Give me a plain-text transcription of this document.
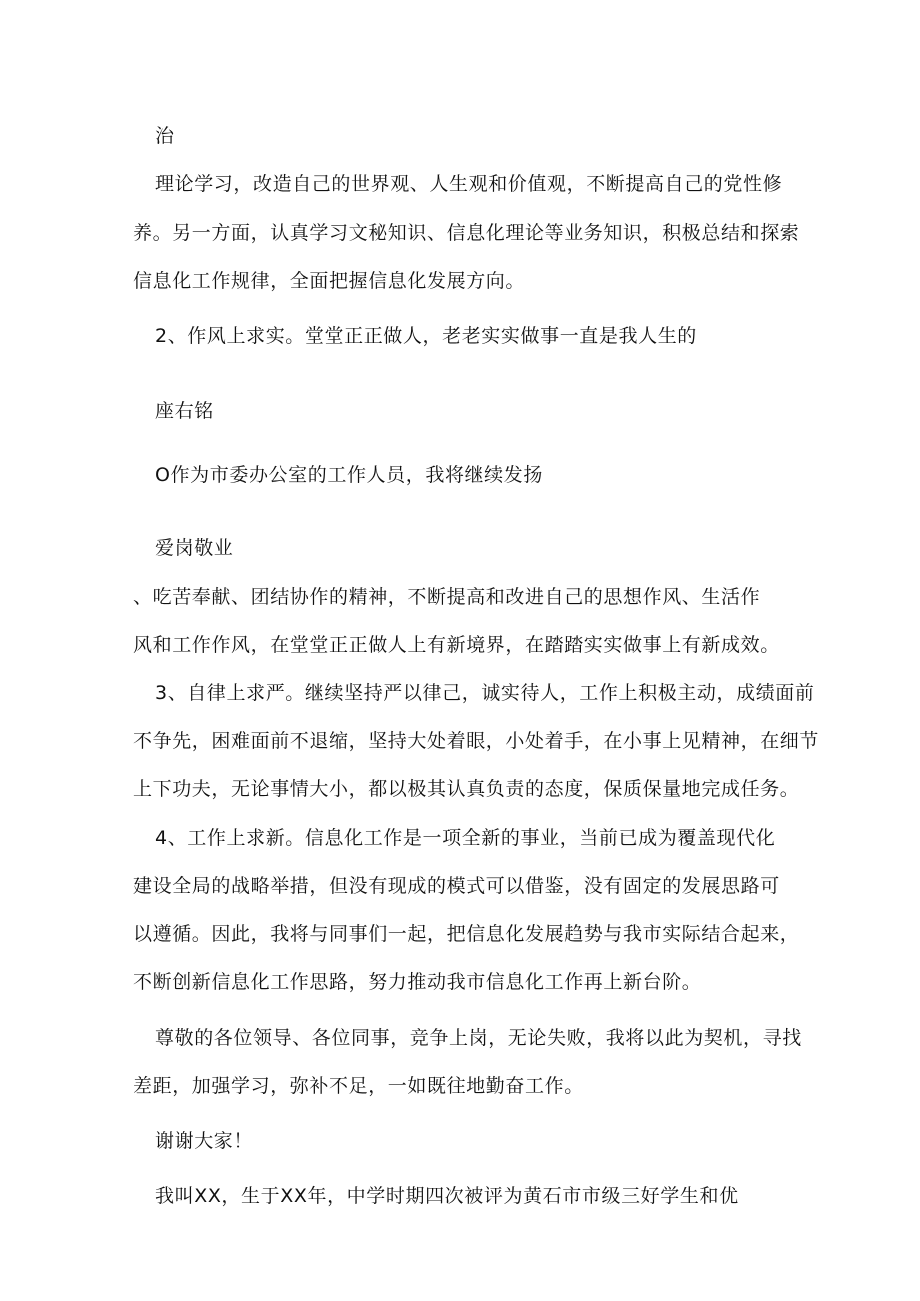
治
理论学习，改造自己的世界观、人生观和价值观，不断提高自己的党性修
养。另一方面，认真学习文秘知识、信息化理论等业务知识，积极总结和探索
信息化工作规律，全面把握信息化发展方向。
2、作风上求实。堂堂正正做人，老老实实做事一直是我人生的
座右铭
O作为市委办公室的工作人员，我将继续发扬
爱岗敬业
、吃苦奉献、团结协作的精神，不断提高和改进自己的思想作风、生活作
风和工作作风，在堂堂正正做人上有新境界，在踏踏实实做事上有新成效。
3、自律上求严。继续坚持严以律己，诚实待人，工作上积极主动，成绩面前
不争先，困难面前不退缩，坚持大处着眼，小处着手，在小事上见精神，在细节
上下功夫，无论事情大小，都以极其认真负责的态度，保质保量地完成任务。
4、工作上求新。信息化工作是一项全新的事业，当前已成为覆盖现代化
建设全局的战略举措，但没有现成的模式可以借鉴，没有固定的发展思路可
以遵循。因此，我将与同事们一起，把信息化发展趋势与我市实际结合起来，
不断创新信息化工作思路，努力推动我市信息化工作再上新台阶。
尊敬的各位领导、各位同事，竞争上岗，无论失败，我将以此为契机，寻找
差距，加强学习，弥补不足，一如既往地勤奋工作。
谢谢大家！
我叫XX，生于XX年，中学时期四次被评为黄石市市级三好学生和优
